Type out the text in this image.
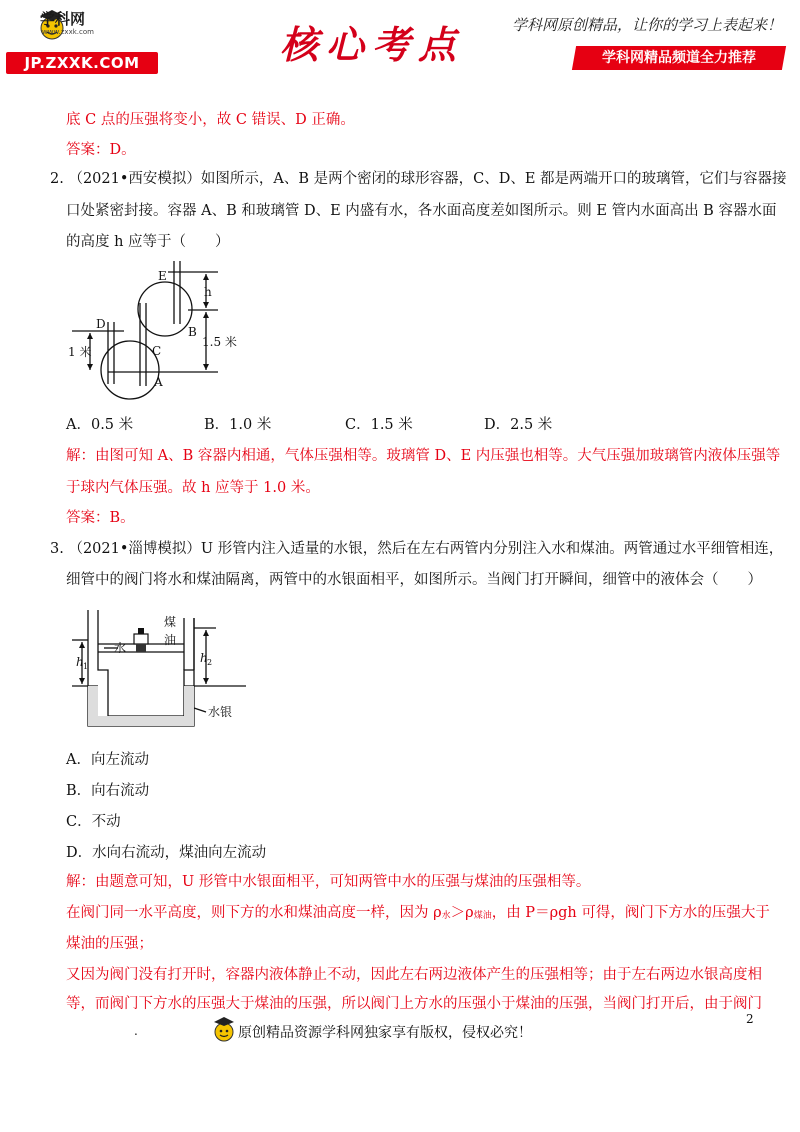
学科网
www.zxxk.com
JP.ZXXK.COM	核心考点	学科网原创精品，让你的学习上表起来！
学科网精品频道全力推荐
底 C 点的压强将变小，故 C 错误、D 正确。
答案：D。
2. （2021•西安模拟）如图所示，A、B 是两个密闭的球形容器，C、D、E 都是两端开口的玻璃管，它们与容器接
口处紧密封接。容器 A、B 和玻璃管 D、E 内盛有水，各水面高度差如图所示。则 E 管内水面高出 B 容器水面
的高度 h 应等于（　　）
E
h
D
B
C
A
1 米
1.5 米
A．0.5 米	B．1.0 米	C．1.5 米	D．2.5 米
解：由图可知 A、B 容器内相通，气体压强相等。玻璃管 D、E 内压强也相等。大气压强加玻璃管内液体压强等
于球内气体压强。故 h 应等于 1.0 米。
答案：B。
3. （2021•淄博模拟）U 形管内注入适量的水银，然后在左右两管内分别注入水和煤油。两管通过水平细管相连，
细管中的阀门将水和煤油隔离，两管中的水银面相平，如图所示。当阀门打开瞬间，细管中的液体会（　　）
水
煤
油
h 1
h 2
水银
A．向左流动
B．向右流动
C．不动
D．水向右流动，煤油向左流动
解：由题意可知，U 形管中水银面相平，可知两管中水的压强与煤油的压强相等。
在阀门同一水平高度，则下方的水和煤油高度一样，因为 ρ水＞ρ煤油，由 P＝ρgh 可得，阀门下方水的压强大于
煤油的压强；
又因为阀门没有打开时，容器内液体静止不动，因此左右两边液体产生的压强相等；由于左右两边水银高度相
等，而阀门下方水的压强大于煤油的压强，所以阀门上方水的压强小于煤油的压强，当阀门打开后，由于阀门
原创精品资源学科网独家享有版权，侵权必究！
2
.
